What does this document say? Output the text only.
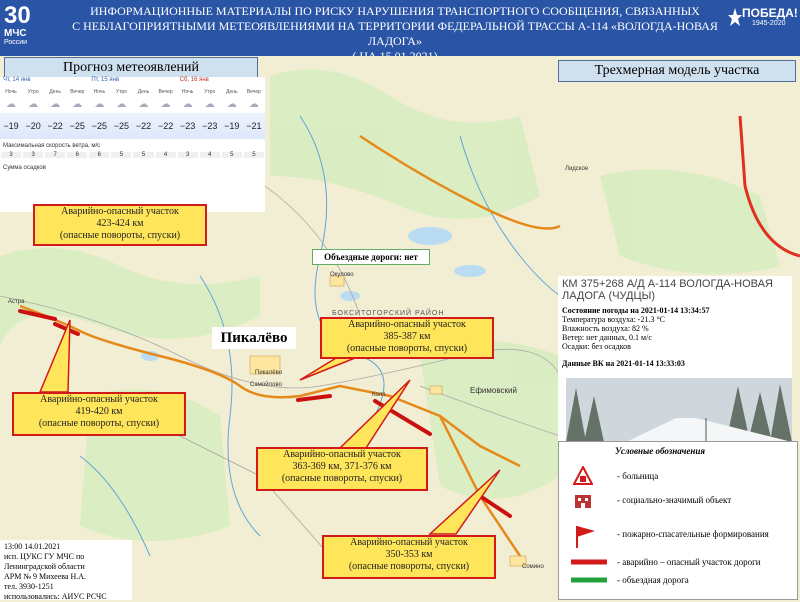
30
МЧС
России
ИНФОРМАЦИОННЫЕ МАТЕРИАЛЫ ПО РИСКУ НАРУШЕНИЯ ТРАНСПОРТНОГО СООБЩЕНИЯ, СВЯЗАННЫХ
С НЕБЛАГОПРИЯТНЫМИ МЕТЕОЯВЛЕНИЯМИ НА ТЕРРИТОРИИ ФЕДЕРАЛЬНОЙ ТРАССЫ А-114 «ВОЛОГДА-НОВАЯ ЛАДОГА»
ПОБЕДА!
1945-2020
Ефимовский
Самойлово
Окулово
Астра
Сомино
Колп
Лидское
Пикалёво
БОКСИТОГОРСКИЙ РАЙОН
Прогноз метеоявлений	Трехмерная модель участка
Чт, 14 янв	Пт, 15 янв	Сб, 16 янв
Ночь	Утро	День	Вечер	Ночь	Утро	День	Вечер	Ночь	Утро	День	Вечер
☁	☁	☁	☁	☁	☁	☁	☁	☁	☁	☁	☁
−19 −20 −22 −25 −25 −25 −22 −22 −23 −23 −19 −21
Максимальная скорость ветра, м/с
3	3	7	6	6	5	5	4	3	4	5	5
Сумма осадков
Аварийно-опасный участок
423-424 км
(опасные повороты, спуски)
Аварийно-опасный участок
419-420 км
(опасные повороты, спуски)
Аварийно-опасный участок
385-387 км
(опасные повороты, спуски)
Аварийно-опасный участок
363-369 км, 371-376 км
(опасные повороты, спуски)
Аварийно-опасный участок
350-353 км
(опасные повороты, спуски)
Объездные дороги: нет
Пикалёво
КМ 375+268 А/Д А-114 ВОЛОГДА-НОВАЯ ЛАДОГА (ЧУДЦЫ)
Состояние погоды на 2021-01-14 13:34:57
Температура воздуха: -21.3 °С
Влажность воздуха: 82 %
Ветер: нет данных, 0.1 м/с
Осадки: без осадков
Данные ВК на 2021-01-14 13:33:03
Условные обозначения
- больница
- социально-значимый объект
- пожарно-спасательные формирования
- аварийно – опасный участок дороги
- объездная дорога
13:00 14.01.2021
исп. ЦУКС ГУ МЧС по
Ленинградской области
АРМ № 9 Михеева Н.А.
тел. 3930-1251
использовались: АИУС РСЧС
